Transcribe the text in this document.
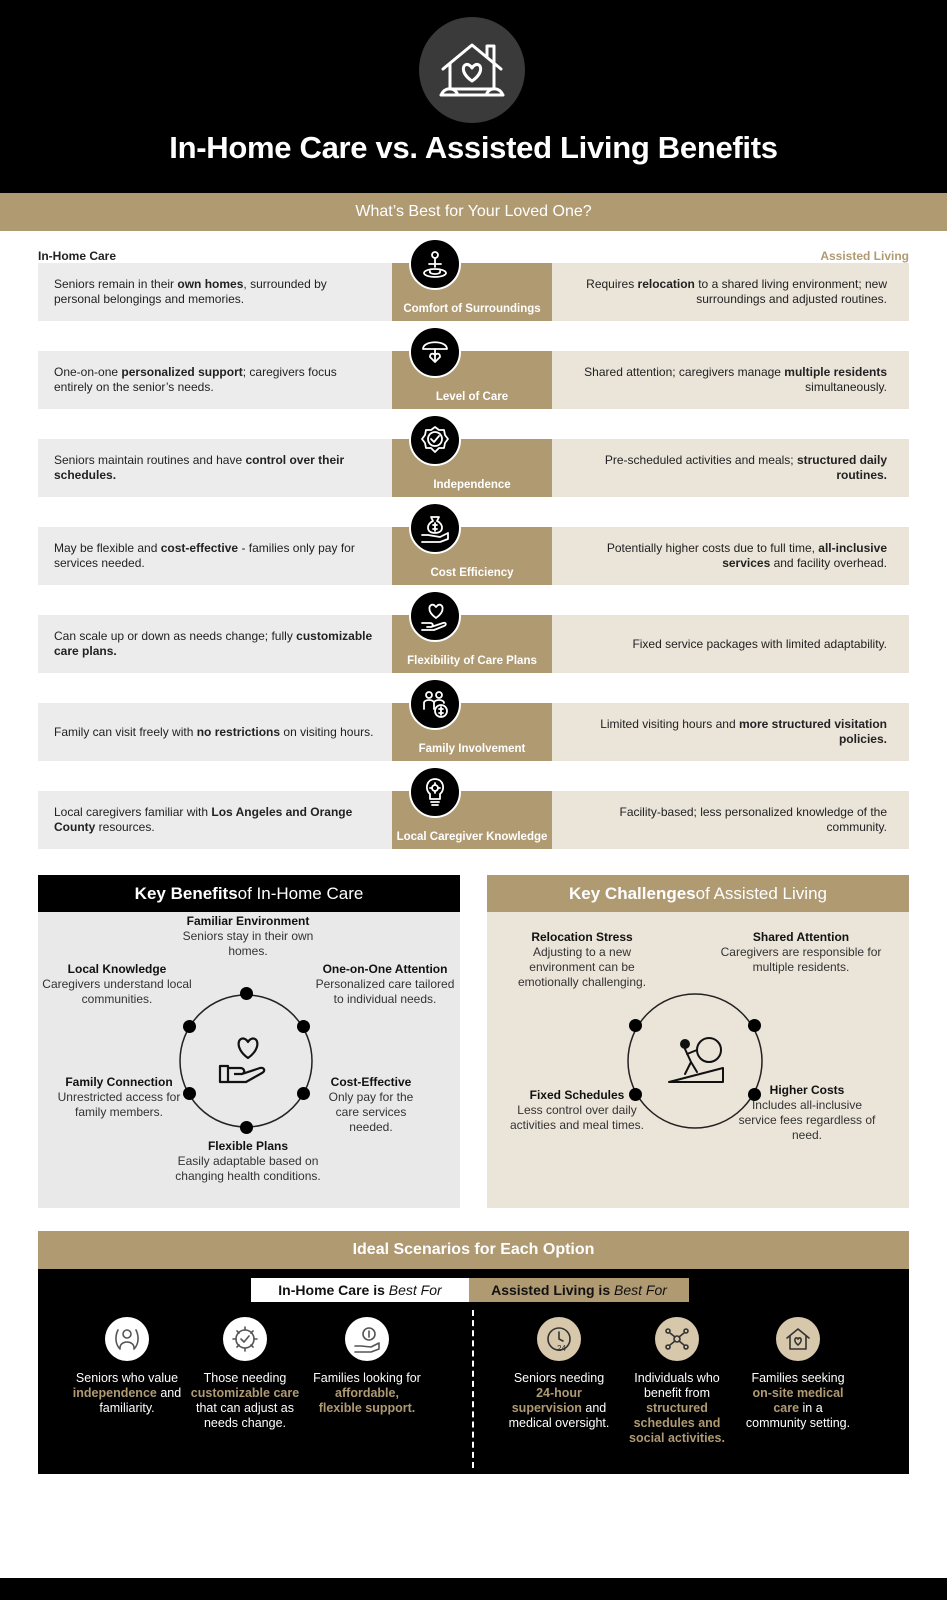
In-Home Care vs. Assisted Living Benefits
What’s Best for Your Loved One?
In-Home Care	Assisted Living
Seniors remain in their own homes, surrounded by personal belongings and memories.
Comfort of Surroundings
Requires relocation to a shared living environment; new surroundings and adjusted routines.
One-on-one personalized support; caregivers focus entirely on the senior’s needs.
Level of Care
Shared attention; caregivers manage multiple residents simultaneously.
Seniors maintain routines and have control over their schedules.
Independence
Pre-scheduled activities and meals; structured daily routines.
May be flexible and cost-effective - families only pay for services needed.
Cost Efficiency
Potentially higher costs due to full time, all-inclusive services and facility overhead.
Can scale up or down as needs change; fully customizable care plans.
Flexibility of Care Plans
Fixed service packages with limited adaptability.
Family can visit freely with no restrictions on visiting hours.
Family Involvement
Limited visiting hours and more structured visitation policies.
Local caregivers familiar with Los Angeles and Orange County resources.
Local Caregiver Knowledge
Facility-based; less personalized knowledge of the community.
Key Benefits of In-Home Care
Familiar Environment
Seniors stay in their own homes.
One-on-One Attention
Personalized care tailored to individual needs.
Cost-Effective
Only pay for the care services needed.
Flexible Plans
Easily adaptable based on changing health conditions.
Family Connection
Unrestricted access for family members.
Local Knowledge
Caregivers understand local communities.
Key Challenges of Assisted Living
Relocation Stress
Adjusting to a new environment can be emotionally challenging.
Shared Attention
Caregivers are responsible for multiple residents.
Higher Costs
Includes all-inclusive service fees regardless of need.
Fixed Schedules
Less control over daily activities and meal times.
Ideal Scenarios for Each Option
In-Home Care is Best For	Assisted Living is Best For
Seniors who value independence and familiarity.
Those needing customizable care that can adjust as needs change.
Families looking for affordable, flexible support.
24
Seniors needing 24-hour supervision and medical oversight.
Individuals who benefit from structured schedules and social activities.
Families seeking on-site medical care in a community setting.
